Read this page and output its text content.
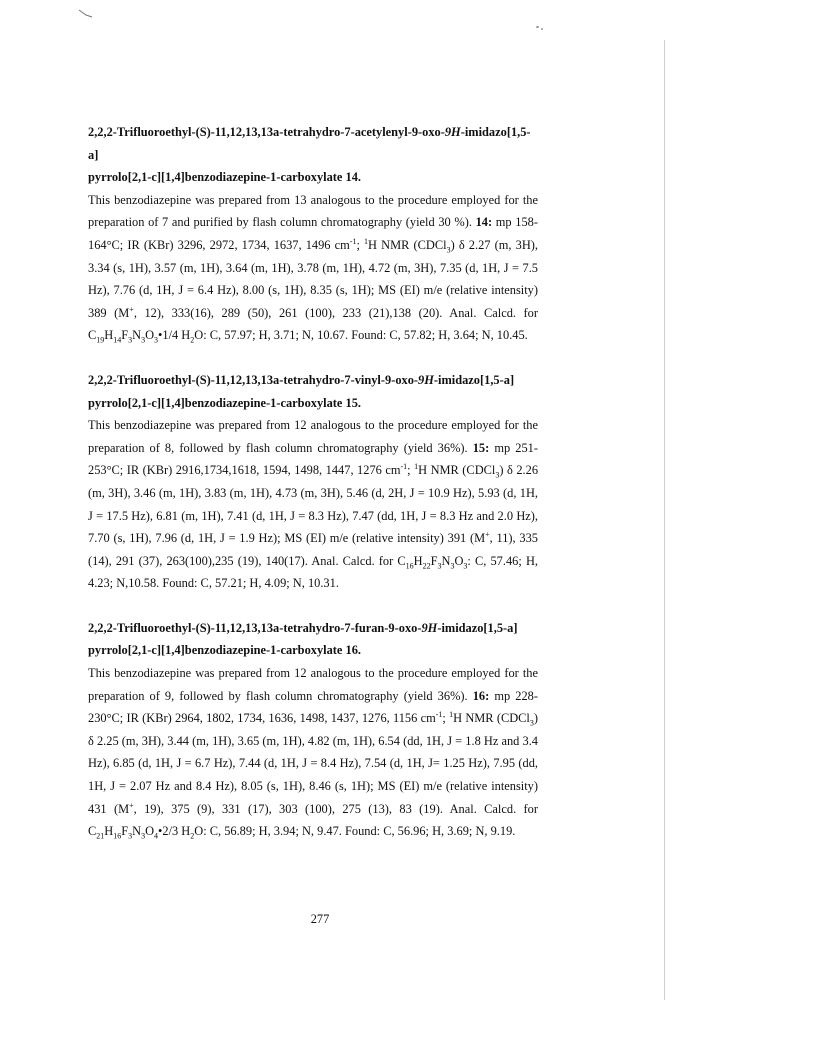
2,2,2-Trifluoroethyl-(S)-11,12,13,13a-tetrahydro-7-acetylenyl-9-oxo-9H-imidazo[1,5-a]
pyrrolo[2,1-c][1,4]benzodiazepine-1-carboxylate 14.

This benzodiazepine was prepared from 13 analogous to the procedure employed for the preparation of 7 and purified by flash column chromatography (yield 30 %). 14: mp 158-164°C; IR (KBr) 3296, 2972, 1734, 1637, 1496 $cm^{-1}$; $^1$H NMR (CDCl$_3$) δ 2.27 (m, 3H), 3.34 (s, 1H), 3.57 (m, 1H), 3.64 (m, 1H), 3.78 (m, 1H), 4.72 (m, 3H), 7.35 (d, 1H, J = 7.5 Hz), 7.76 (d, 1H, J = 6.4 Hz), 8.00 (s, 1H), 8.35 (s, 1H); MS (EI) m/e (relative intensity) 389 (M+, 12), 333(16), 289 (50), 261 (100), 233 (21),138 (20). Anal. Calcd. for $C_{19}H_{14}F_3N_3O_3•1/4$ $H_2O$: C, 57.97; H, 3.71; N, 10.67. Found: C, 57.82; H, 3.64; N, 10.45.

2,2,2-Trifluoroethyl-(S)-11,12,13,13a-tetrahydro-7-vinyl-9-oxo-9H-imidazo[1,5-a]
pyrrolo[2,1-c][1,4]benzodiazepine-1-carboxylate 15.

This benzodiazepine was prepared from 12 analogous to the procedure employed for the preparation of 8, followed by flash column chromatography (yield 36%). 15: mp 251-253°C; IR (KBr) 2916,1734,1618, 1594, 1498, 1447, 1276 $cm^{-1}$; $^1$H NMR (CDCl$_3$) δ 2.26 (m, 3H), 3.46 (m, 1H), 3.83 (m, 1H), 4.73 (m, 3H), 5.46 (d, 2H, J = 10.9 Hz), 5.93 (d, 1H, J = 17.5 Hz), 6.81 (m, 1H), 7.41 (d, 1H, J = 8.3 Hz), 7.47 (dd, 1H, J = 8.3 Hz and 2.0 Hz), 7.70 (s, 1H), 7.96 (d, 1H, J = 1.9 Hz); MS (EI) m/e (relative intensity) 391 (M+, 11), 335 (14), 291 (37), 263(100),235 (19), 140(17). Anal. Calcd. for $C_{16}H_{22}F_3N_3O_3$: C, 57.46; H, 4.23; N,10.58. Found: C, 57.21; H, 4.09; N, 10.31.

2,2,2-Trifluoroethyl-(S)-11,12,13,13a-tetrahydro-7-furan-9-oxo-9H-imidazo[1,5-a]
pyrrolo[2,1-c][1,4]benzodiazepine-1-carboxylate 16.

This benzodiazepine was prepared from 12 analogous to the procedure employed for the preparation of 9, followed by flash column chromatography (yield 36%). 16: mp 228-230°C; IR (KBr) 2964, 1802, 1734, 1636, 1498, 1437, 1276, 1156 $cm^{-1}$; $^1$H NMR (CDCl$_3$) δ 2.25 (m, 3H), 3.44 (m, 1H), 3.65 (m, 1H), 4.82 (m, 1H), 6.54 (dd, 1H, J = 1.8 Hz and 3.4 Hz), 6.85 (d, 1H, J = 6.7 Hz), 7.44 (d, 1H, J = 8.4 Hz), 7.54 (d, 1H, J= 1.25 Hz), 7.95 (dd, 1H, J = 2.07 Hz and 8.4 Hz), 8.05 (s, 1H), 8.46 (s, 1H); MS (EI) m/e (relative intensity) 431 (M+, 19), 375 (9), 331 (17), 303 (100), 275 (13), 83 (19). Anal. Calcd. for $C_{21}H_{16}F_3N_3O_4•2/3$ $H_2O$: C, 56.89; H, 3.94; N, 9.47. Found: C, 56.96; H, 3.69; N, 9.19.

277
